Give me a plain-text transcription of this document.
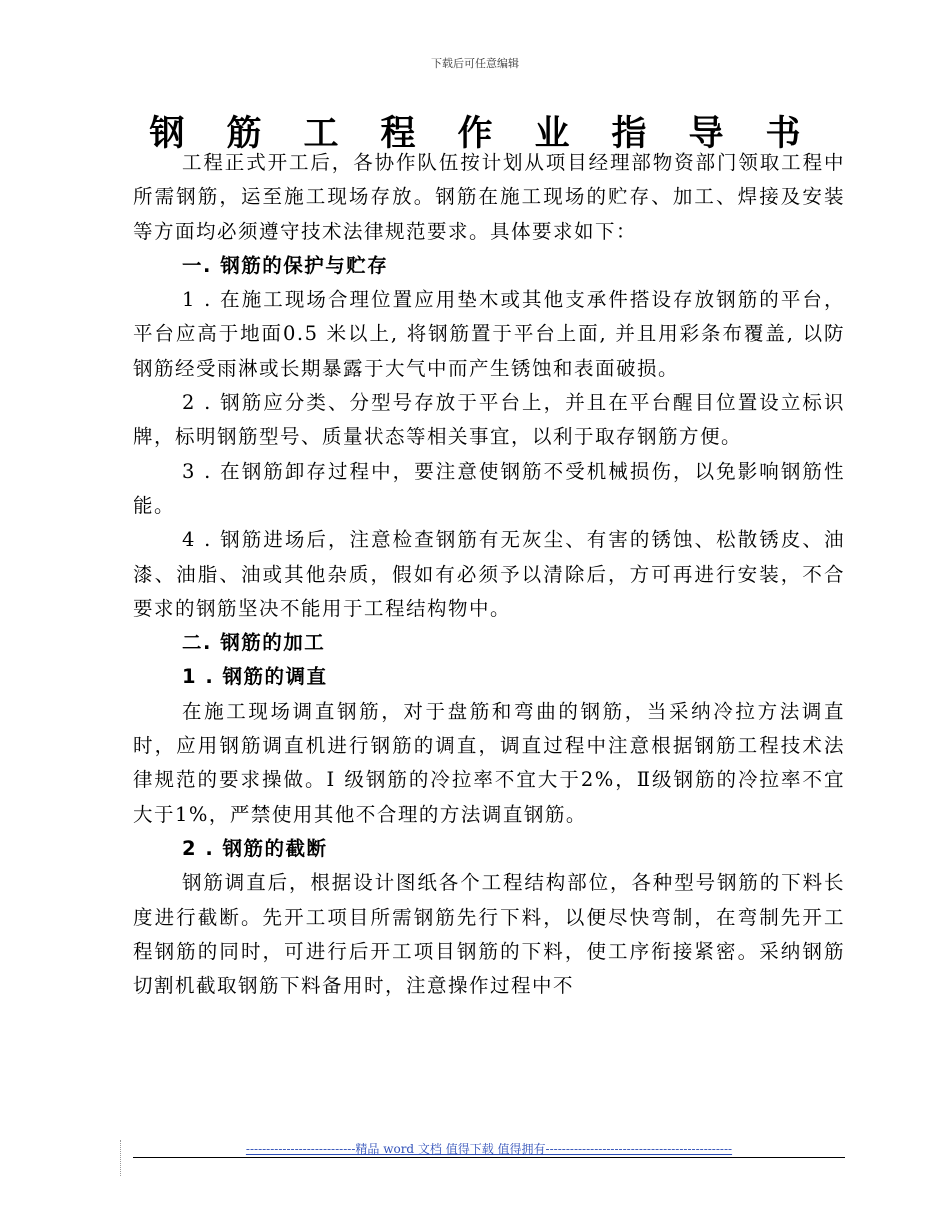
下载后可任意编辑
钢筋工程作业指导书

工程正式开工后，各协作队伍按计划从项目经理部物资部门领取工程中所需钢筋，运至施工现场存放。钢筋在施工现场的贮存、加工、焊接及安装等方面均必须遵守技术法律规范要求。具体要求如下：

一. 钢筋的保护与贮存

1 . 在施工现场合理位置应用垫木或其他支承件搭设存放钢筋的平台，平台应高于地面0.5 米以上, 将钢筋置于平台上面, 并且用彩条布覆盖, 以防钢筋经受雨淋或长期暴露于大气中而产生锈蚀和表面破损。

2 . 钢筋应分类、分型号存放于平台上，并且在平台醒目位置设立标识牌，标明钢筋型号、质量状态等相关事宜，以利于取存钢筋方便。

3 . 在钢筋卸存过程中，要注意使钢筋不受机械损伤，以免影响钢筋性能。

4 . 钢筋进场后，注意检查钢筋有无灰尘、有害的锈蚀、松散锈皮、油漆、油脂、油或其他杂质，假如有必须予以清除后，方可再进行安装，不合要求的钢筋坚决不能用于工程结构物中。

二. 钢筋的加工
1 . 钢筋的调直

在施工现场调直钢筋，对于盘筋和弯曲的钢筋，当采纳冷拉方法调直时，应用钢筋调直机进行钢筋的调直，调直过程中注意根据钢筋工程技术法律规范的要求操做。Ⅰ 级钢筋的冷拉率不宜大于2%，Ⅱ级钢筋的冷拉率不宜大于1%，严禁使用其他不合理的方法调直钢筋。

2 . 钢筋的截断

钢筋调直后，根据设计图纸各个工程结构部位，各种型号钢筋的下料长度进行截断。先开工项目所需钢筋先行下料，以便尽快弯制，在弯制先开工程钢筋的同时，可进行后开工项目钢筋的下料，使工序衔接紧密。采纳钢筋切割机截取钢筋下料备用时，注意操作过程中不

---------------------------精品 word 文档 值得下载 值得拥有----------------------------------------------
